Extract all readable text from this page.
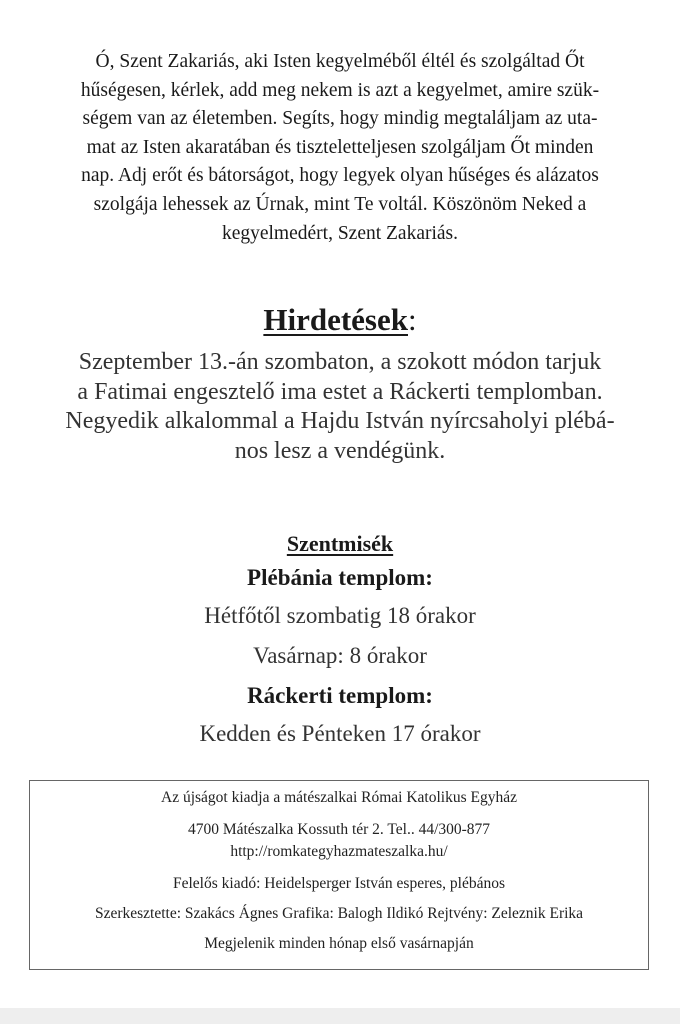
Ó, Szent Zakariás, aki Isten kegyelméből éltél és szolgáltad Őt
hűségesen, kérlek, add meg nekem is azt a kegyelmet, amire szük-
ségem van az életemben. Segíts, hogy mindig megtaláljam az uta-
mat az Isten akaratában és tiszteletteljesen szolgáljam Őt minden
nap. Adj erőt és bátorságot, hogy legyek olyan hűséges és alázatos
szolgája lehessek az Úrnak, mint Te voltál. Köszönöm Neked a
kegyelmedért, Szent Zakariás.
Hirdetések:
Szeptember 13.-án szombaton, a szokott módon tarjuk
a Fatimai engesztelő ima estet a Ráckerti templomban.
Negyedik alkalommal a Hajdu István nyírcsaholyi plébá-
nos lesz a vendégünk.
Szentmisék
Plébánia templom:
Hétfőtől szombatig 18 órakor
Vasárnap: 8 órakor
Ráckerti templom:
Kedden és Pénteken 17 órakor
Az újságot kiadja a mátészalkai Római Katolikus Egyház
4700 Mátészalka Kossuth tér 2. Tel.. 44/300-877
http://romkategyhazmateszalka.hu/
Felelős kiadó: Heidelsperger István esperes, plébános
Szerkesztette: Szakács Ágnes Grafika: Balogh Ildikó Rejtvény: Zeleznik Erika
Megjelenik minden hónap első vasárnapján
